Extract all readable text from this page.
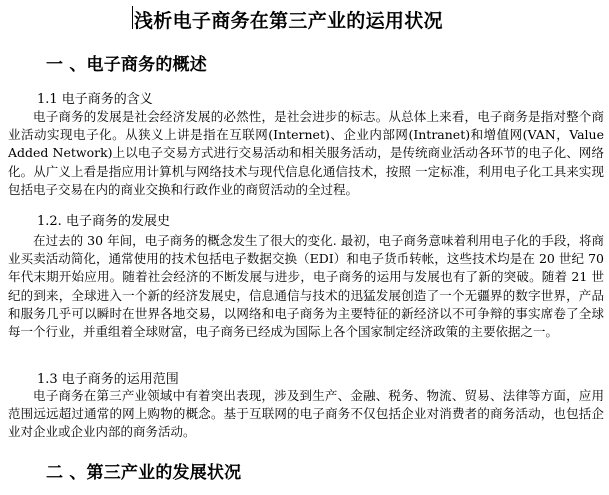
浅析电子商务在第三产业的运用状况
一 、电子商务的概述
1.1 电子商务的含义

电子商务的发展是社会经济发展的必然性，是社会进步的标志。从总体上来看，电子商务是指对整个商业活动实现电子化。从狭义上讲是指在互联网(Internet)、企业内部网(Intranet)和增值网(VAN，Value Added Network)上以电子交易方式进行交易活动和相关服务活动，是传统商业活动各环节的电子化、网络化。从广义上看是指应用计算机与网络技术与现代信息化通信技术，按照 一定标准，利用电子化工具来实现包括电子交易在内的商业交换和行政作业的商贸活动的全过程。

1.2. 电子商务的发展史

在过去的 30 年间，电子商务的概念发生了很大的变化. 最初，电子商务意味着利用电子化的手段，将商业买卖活动简化，通常使用的技术包括电子数据交换（EDI）和电子货币转帐，这些技术均是在 20 世纪 70 年代末期开始应用。随着社会经济的不断发展与进步，电子商务的运用与发展也有了新的突破。随着 21 世纪的到来，全球进入一个新的经济发展史，信息通信与技术的迅猛发展创造了一个无疆界的数字世界，产品和服务几乎可以瞬时在世界各地交易，以网络和电子商务为主要特征的新经济以不可争辩的事实席卷了全球每一个行业，并重组着全球财富，电子商务已经成为国际上各个国家制定经济政策的主要依据之一。

1.3 电子商务的运用范围

电子商务在第三产业领域中有着突出表现，涉及到生产、金融、税务、物流、贸易、法律等方面，应用范围远远超过通常的网上购物的概念。基于互联网的电子商务不仅包括企业对消费者的商务活动，也包括企业对企业或企业内部的商务活动。

二 、第三产业的发展状况
